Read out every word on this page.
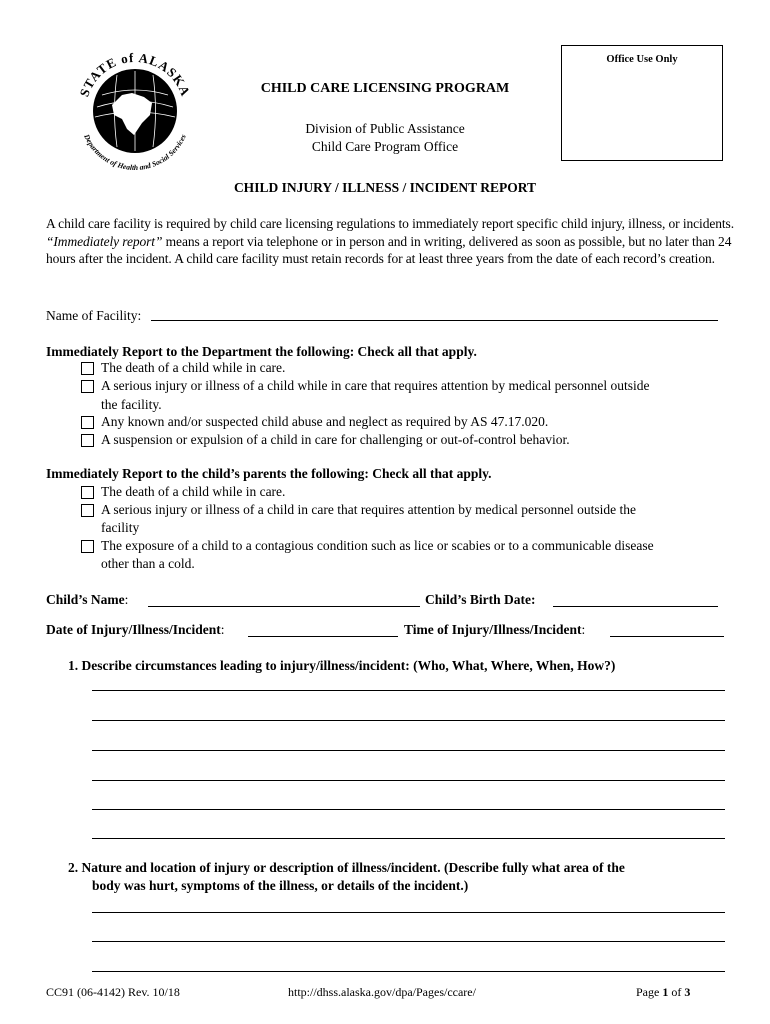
STATE of ALASKA
Department of Health and Social Services
Office Use Only
CHILD CARE LICENSING PROGRAM
Division of Public Assistance
Child Care Program Office
CHILD INJURY / ILLNESS / INCIDENT REPORT
A child care facility is required by child care licensing regulations to immediately report specific child injury, illness, or incidents. “Immediately report” means a report via telephone or in person and in writing, delivered as soon as possible, but no later than 24 hours after the incident. A child care facility must retain records for at least three years from the date of each record’s creation.
Name of Facility:
Immediately Report to the Department the following: Check all that apply.
The death of a child while in care.
A serious injury or illness of a child while in care that requires attention by medical personnel outside
the facility.
Any known and/or suspected child abuse and neglect as required by AS 47.17.020.
A suspension or expulsion of a child in care for challenging or out-of-control behavior.
Immediately Report to the child’s parents the following: Check all that apply.
The death of a child while in care.
A serious injury or illness of a child in care that requires attention by medical personnel outside the
facility
The exposure of a child to a contagious condition such as lice or scabies or to a communicable disease
other than a cold.
Child’s Name:	Child’s Birth Date:
Date of Injury/Illness/Incident:	Time of Injury/Illness/Incident:
1. Describe circumstances leading to injury/illness/incident: (Who, What, Where, When, How?)
2. Nature and location of injury or description of illness/incident. (Describe fully what area of the
body was hurt, symptoms of the illness, or details of the incident.)
CC91 (06-4142) Rev. 10/18	http://dhss.alaska.gov/dpa/Pages/ccare/	Page 1 of 3
